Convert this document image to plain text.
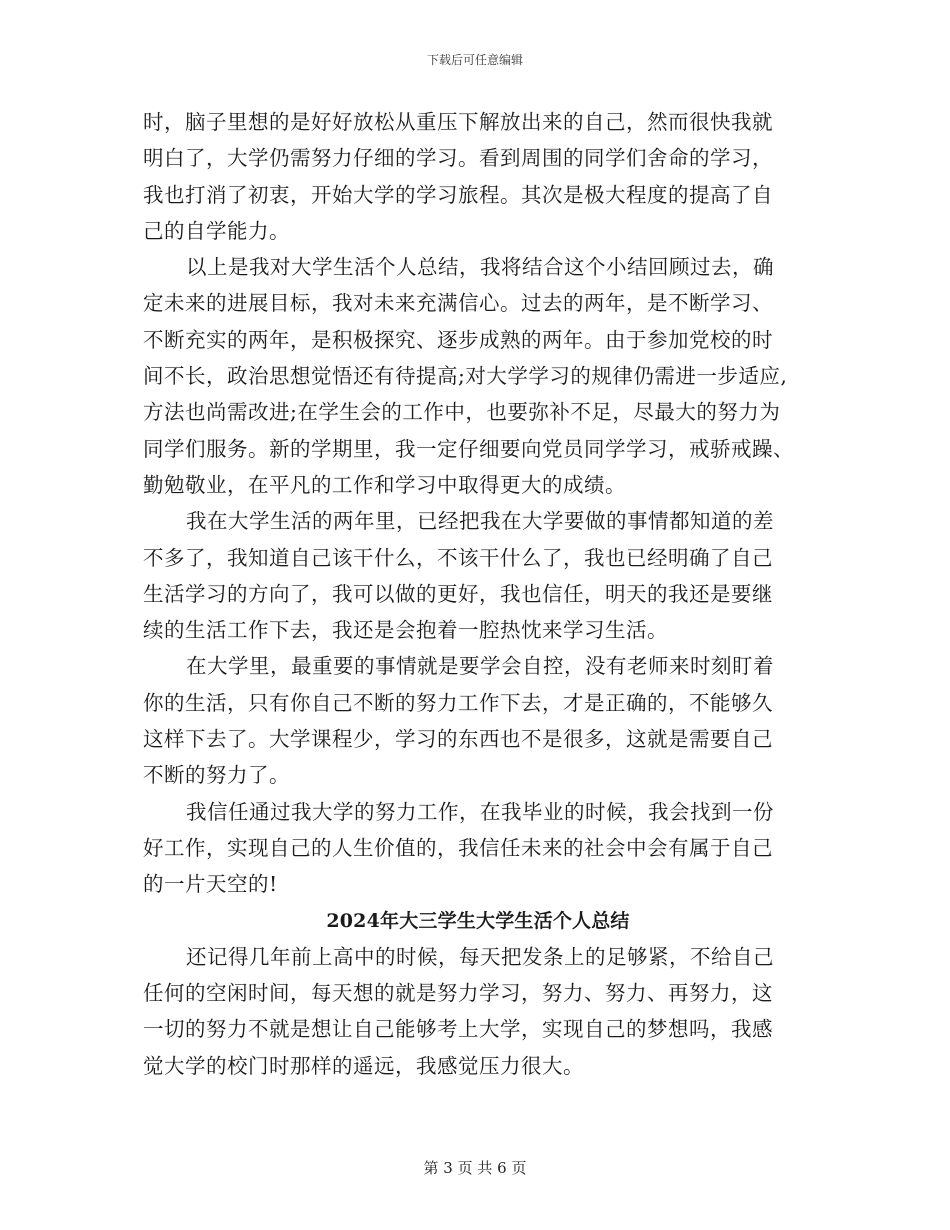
下载后可任意编辑
时，脑子里想的是好好放松从重压下解放出来的自己，然而很快我就
明白了，大学仍需努力仔细的学习。看到周围的同学们舍命的学习，
我也打消了初衷，开始大学的学习旅程。其次是极大程度的提高了自
己的自学能力。
以上是我对大学生活个人总结，我将结合这个小结回顾过去，确
定未来的进展目标，我对未来充满信心。过去的两年，是不断学习、
不断充实的两年，是积极探究、逐步成熟的两年。由于参加党校的时
间不长，政治思想觉悟还有待提高;对大学学习的规律仍需进一步适应,
方法也尚需改进;在学生会的工作中，也要弥补不足，尽最大的努力为
同学们服务。新的学期里，我一定仔细要向党员同学学习，戒骄戒躁、
勤勉敬业，在平凡的工作和学习中取得更大的成绩。
我在大学生活的两年里，已经把我在大学要做的事情都知道的差
不多了，我知道自己该干什么，不该干什么了，我也已经明确了自己
生活学习的方向了，我可以做的更好，我也信任，明天的我还是要继
续的生活工作下去，我还是会抱着一腔热忱来学习生活。
在大学里，最重要的事情就是要学会自控，没有老师来时刻盯着
你的生活，只有你自己不断的努力工作下去，才是正确的，不能够久
这样下去了。大学课程少，学习的东西也不是很多，这就是需要自己
不断的努力了。
我信任通过我大学的努力工作，在我毕业的时候，我会找到一份
好工作，实现自己的人生价值的，我信任未来的社会中会有属于自己
的一片天空的!
2024年大三学生大学生活个人总结
还记得几年前上高中的时候，每天把发条上的足够紧，不给自己
任何的空闲时间，每天想的就是努力学习，努力、努力、再努力，这
一切的努力不就是想让自己能够考上大学，实现自己的梦想吗，我感
觉大学的校门时那样的遥远，我感觉压力很大。
第 3 页 共 6 页
